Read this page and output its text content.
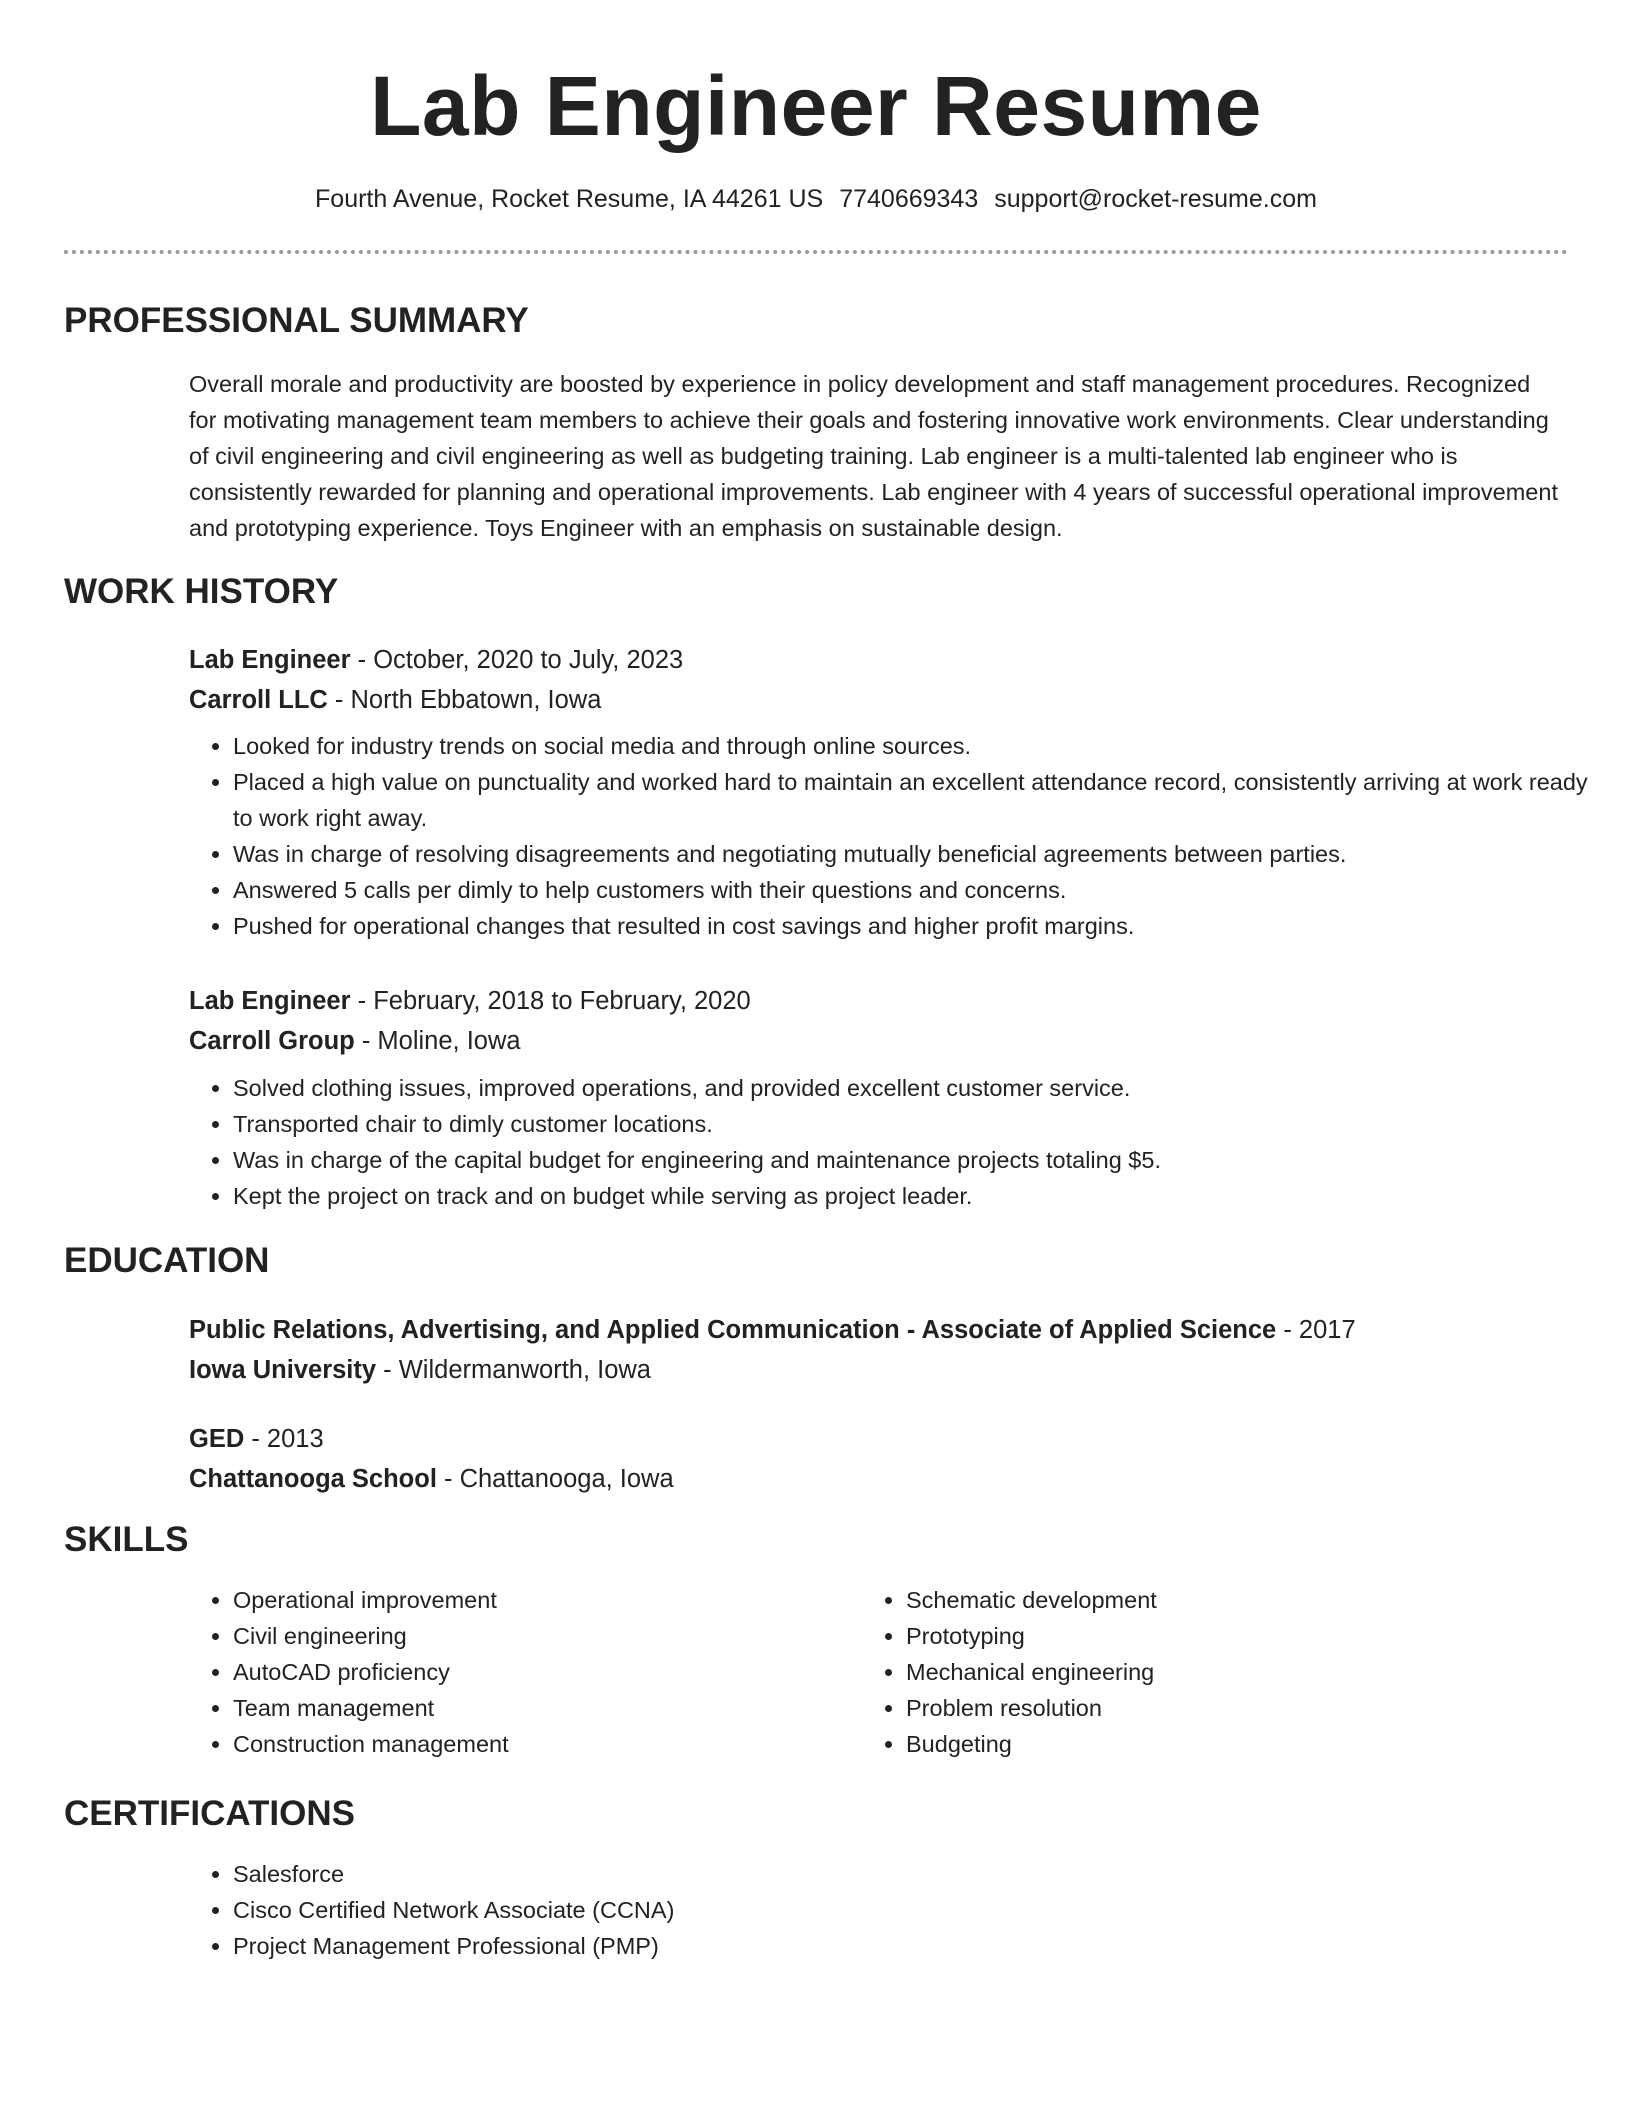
Lab Engineer Resume
Fourth Avenue, Rocket Resume, IA 44261 US 7740669343 support@rocket-resume.com
PROFESSIONAL SUMMARY
Overall morale and productivity are boosted by experience in policy development and staff management procedures. Recognized for motivating management team members to achieve their goals and fostering innovative work environments. Clear understanding of civil engineering and civil engineering as well as budgeting training. Lab engineer is a multi-talented lab engineer who is consistently rewarded for planning and operational improvements. Lab engineer with 4 years of successful operational improvement and prototyping experience. Toys Engineer with an emphasis on sustainable design.
WORK HISTORY
Lab Engineer - October, 2020 to July, 2023
Carroll LLC - North Ebbatown, Iowa
• Looked for industry trends on social media and through online sources.
• Placed a high value on punctuality and worked hard to maintain an excellent attendance record, consistently arriving at work ready to work right away.
• Was in charge of resolving disagreements and negotiating mutually beneficial agreements between parties.
• Answered 5 calls per dimly to help customers with their questions and concerns.
• Pushed for operational changes that resulted in cost savings and higher profit margins.
Lab Engineer - February, 2018 to February, 2020
Carroll Group - Moline, Iowa
• Solved clothing issues, improved operations, and provided excellent customer service.
• Transported chair to dimly customer locations.
• Was in charge of the capital budget for engineering and maintenance projects totaling $5.
• Kept the project on track and on budget while serving as project leader.
EDUCATION
Public Relations, Advertising, and Applied Communication - Associate of Applied Science - 2017
Iowa University - Wildermanworth, Iowa
GED - 2013
Chattanooga School - Chattanooga, Iowa
SKILLS
• Operational improvement
• Civil engineering
• AutoCAD proficiency
• Team management
• Construction management
• Schematic development
• Prototyping
• Mechanical engineering
• Problem resolution
• Budgeting
CERTIFICATIONS
• Salesforce
• Cisco Certified Network Associate (CCNA)
• Project Management Professional (PMP)
